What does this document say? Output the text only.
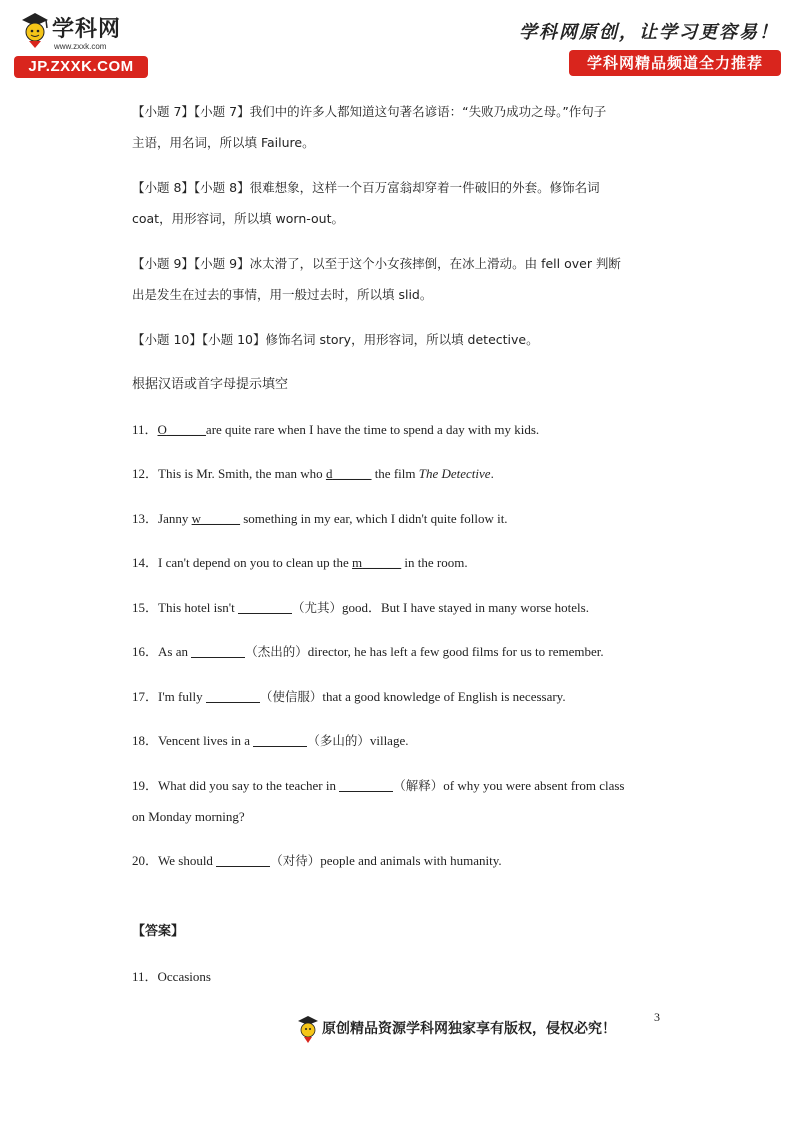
学科网
www.zxxk.com
JP.ZXXK.COM
学科网原创，让学习更容易！
学科网精品频道全力推荐
【小题 7】【小题 7】我们中的许多人都知道这句著名谚语：“失败乃成功之母。”作句子
主语，用名词，所以填 Failure。
【小题 8】【小题 8】很难想象，这样一个百万富翁却穿着一件破旧的外套。修饰名词
coat，用形容词，所以填 worn-out。
【小题 9】【小题 9】冰太滑了，以至于这个小女孩摔倒，在冰上滑动。由 fell over 判断
出是发生在过去的事情，用一般过去时，所以填 slid。
【小题 10】【小题 10】修饰名词 story，用形容词，所以填 detective。
根据汉语或首字母提示填空
11．O______are quite rare when I have the time to spend a day with my kids.
12．This is Mr. Smith, the man who d______ the film The Detective.
13．Janny w______ something in my ear, which I didn't quite follow it.
14．I can't depend on you to clean up the m______ in the room.
15．This hotel isn't	（尤其）good．But I have stayed in many worse hotels.
16．As an	（杰出的）director, he has left a few good films for us to remember.
17．I'm fully	（使信服）that a good knowledge of English is necessary.
18．Vencent lives in a	（多山的）village.
19．What did you say to the teacher in	（解释）of why you were absent from class
on Monday morning?
20．We should	（对待）people and animals with humanity.
【答案】
11．Occasions
3
原创精品资源学科网独家享有版权，侵权必究！
